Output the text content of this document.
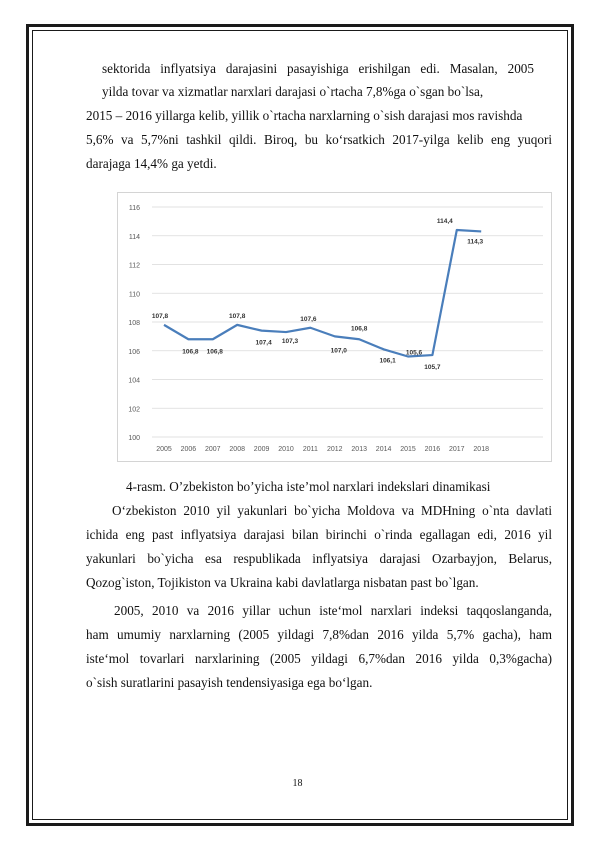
sektorida inflyatsiya darajasini pasayishiga erishilgan edi. Masalan, 2005
yilda tovar va xizmatlar narxlari darajasi o`rtacha 7,8%ga o`sgan bo`lsa,
2015 – 2016 yillarga kelib, yillik o`rtacha narxlarning o`sish darajasi mos ravishda
5,6% va 5,7%ni tashkil qildi. Biroq, bu ko‘rsatkich 2017-yilga kelib eng yuqori
darajaga 14,4% ga yetdi.
100
102
104
106
108
110
112
114
116
2005 2006 2007 2008 2009 2010 2011 2012 2013 2014 2015 2016 2017 2018
107,8
106,8 106,8
107,8
107,4 107,3
107,6
107,0
106,8
106,1
105,6
105,7
114,4
114,3
4-rasm. O’zbekiston bo’yicha iste’mol narxlari indekslari dinamikasi
O‘zbekiston 2010 yil yakunlari bo`yicha Moldova va MDHning o`nta davlati
ichida eng past inflyatsiya darajasi bilan birinchi o`rinda egallagan edi, 2016 yil
yakunlari bo`yicha esa respublikada inflyatsiya darajasi Ozarbayjon, Belarus,
Qozog`iston, Tojikiston va Ukraina kabi davlatlarga nisbatan past bo`lgan.
2005, 2010 va 2016 yillar uchun iste‘mol narxlari indeksi taqqoslanganda,
ham umumiy narxlarning (2005 yildagi 7,8%dan 2016 yilda 5,7% gacha), ham
iste‘mol tovarlari narxlarining (2005 yildagi 6,7%dan 2016 yilda 0,3%gacha)
o`sish suratlarini pasayish tendensiyasiga ega bo‘lgan.
18
